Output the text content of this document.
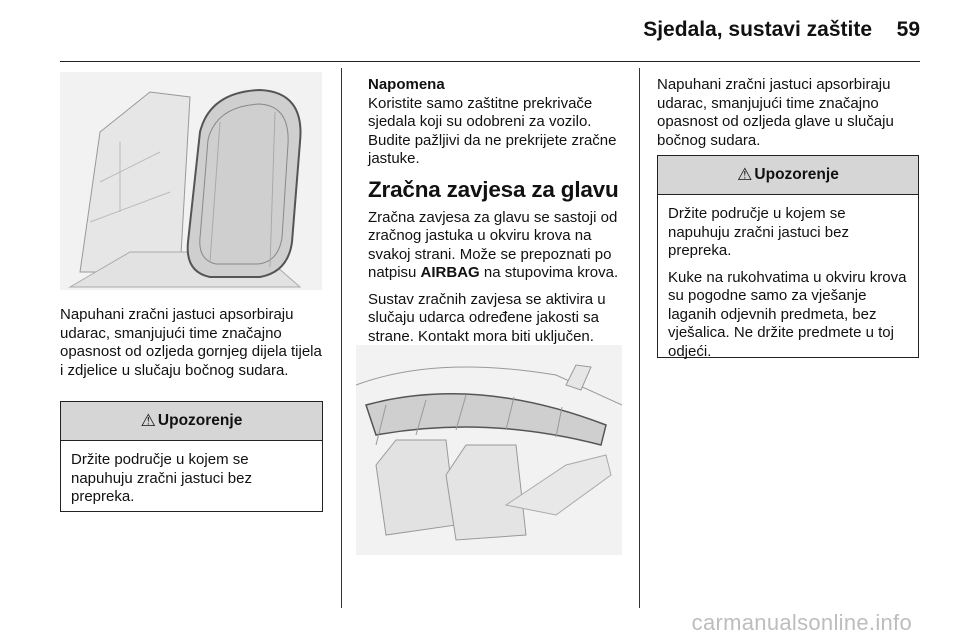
Sjedala, sustavi zaštite 59

Napuhani zračni jastuci apsorbiraju udarac, smanjujući time značajno opasnost od ozljeda gornjeg dijela tijela i zdjelice u slučaju bočnog sudara.

⚠ Upozorenje

Držite područje u kojem se napuhuju zračni jastuci bez prepreka.

Napomena

Koristite samo zaštitne prekrivače sjedala koji su odobreni za vozilo. Budite pažljivi da ne prekrijete zračne jastuke.

Zračna zavjesa za glavu

Zračna zavjesa za glavu se sastoji od zračnog jastuka u okviru krova na svakoj strani. Može se prepoznati po natpisu AIRBAG na stupovima krova.

Sustav zračnih zavjesa se aktivira u slučaju udarca određene jakosti sa strane. Kontakt mora biti uključen.

Napuhani zračni jastuci apsorbiraju udarac, smanjujući time značajno opasnost od ozljeda glave u slučaju bočnog sudara.

⚠ Upozorenje

Držite područje u kojem se napuhuju zračni jastuci bez prepreka.

Kuke na rukohvatima u okviru krova su pogodne samo za vješanje laganih odjevnih predmeta, bez vješalica. Ne držite predmete u toj odjeći.

carmanualsonline.info
